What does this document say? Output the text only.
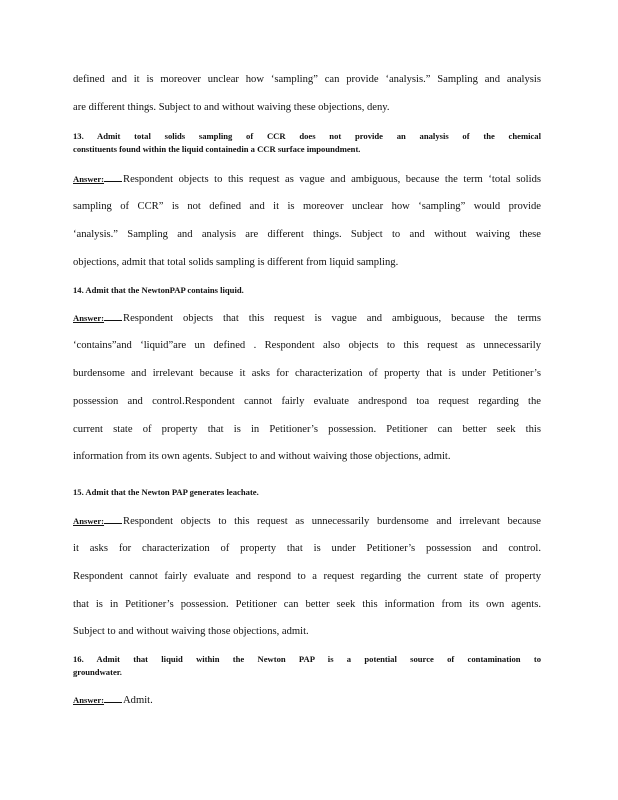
defined and it is moreover unclear how ‘sampling” can provide ‘analysis.” Sampling and analysis
are different things. Subject to and without waiving these objections, deny.
13. Admit total solids sampling of CCR does not provide an analysis of the chemical
constituents found within the liquid containedin a CCR surface impoundment.
Answer: Respondent objects to this request as vague and ambiguous, because the term ‘total solids
sampling of CCR” is not defined and it is moreover unclear how ‘sampling” would provide
‘analysis.” Sampling and analysis are different things. Subject to and without waiving these
objections, admit that total solids sampling is different from liquid sampling.
14. Admit that the NewtonPAP contains liquid.
Answer: Respondent objects that this request is vague and ambiguous, because the terms
‘contains”and ‘liquid”are un defined . Respondent also objects to this request as unnecessarily
burdensome and irrelevant because it asks for characterization of property that is under Petitioner’s
possession and control.Respondent cannot fairly evaluate andrespond toa request regarding the
current state of property that is in Petitioner’s possession. Petitioner can better seek this
information from its own agents. Subject to and without waiving those objections, admit.
15. Admit that the Newton PAP generates leachate.
Answer: Respondent objects to this request as unnecessarily burdensome and irrelevant because
it asks for characterization of property that is under Petitioner’s possession and control.
Respondent cannot fairly evaluate and respond to a request regarding the current state of property
that is in Petitioner’s possession. Petitioner can better seek this information from its own agents.
Subject to and without waiving those objections, admit.
16. Admit that liquid within the Newton PAP is a potential source of contamination to
groundwater.
Answer: Admit.
